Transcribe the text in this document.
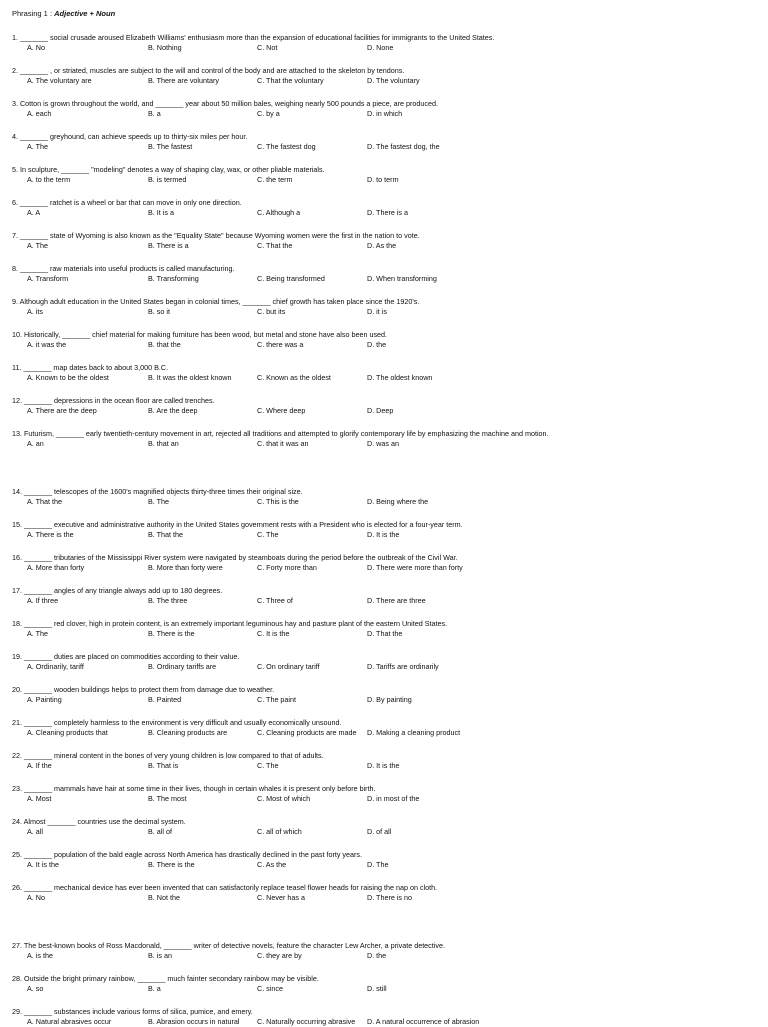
Phrasing 1 : Adjective + Noun
1. _______ social crusade aroused Elizabeth Williams' enthusiasm more than the expansion of educational facilities for immigrants to the United States.
A. No	B. Nothing	C. Not	D. None
2. _______ , or striated, muscles are subject to the will and control of the body and are attached to the skeleton by tendons.
A. The voluntary are	B. There are voluntary	C. That the voluntary	D. The voluntary
3. Cotton is grown throughout the world, and _______ year about 50 million bales, weighing nearly 500 pounds a piece, are produced.
A. each	B. a	C. by a	D. in which
4. _______ greyhound, can achieve speeds up to thirty-six miles per hour.
A. The	B. The fastest	C. The fastest dog	D. The fastest dog, the
5. In sculpture, _______ "modeling" denotes a way of shaping clay, wax, or other pliable materials.
A. to the term	B. is termed	C. the term	D. to term
6. _______ ratchet is a wheel or bar that can move in only one direction.
A. A	B. It is a	C. Although a	D. There is a
7. _______ state of Wyoming is also known as the "Equality State" because Wyoming women were the first in the nation to vote.
A. The	B. There is a	C. That the	D. As the
8. _______ raw materials into useful products is called manufacturing.
A. Transform	B. Transforming	C. Being transformed	D. When transforming
9. Although adult education in the United States began in colonial times, _______ chief growth has taken place since the 1920's.
A. its	B. so it	C. but its	D. it is
10. Historically, _______ chief material for making furniture has been wood, but metal and stone have also been used.
A. it was the	B. that the	C. there was a	D. the
11. _______ map dates back to about 3,000 B.C.
A. Known to be the oldest	B. It was the oldest known	C. Known as the oldest	D. The oldest known
12. _______ depressions in the ocean floor are called trenches.
A. There are the deep	B. Are the deep	C. Where deep	D. Deep
13. Futurism, _______ early twentieth-century movement in art, rejected all traditions and attempted to glorify contemporary life by emphasizing the machine and motion.
A. an	B. that an	C. that it was an	D. was an
14. _______ telescopes of the 1600's magnified objects thirty-three times their original size.
A. That the	B. The	C. This is the	D. Being where the
15. _______ executive and administrative authority in the United States government rests with a President who is elected for a four-year term.
A. There is the	B. That the	C. The	D. It is the
16. _______ tributaries of the Mississippi River system were navigated by steamboats during the period before the outbreak of the Civil War.
A. More than forty	B. More than forty were	C. Forty more than	D. There were more than forty
17. _______ angles of any triangle always add up to 180 degrees.
A. If three	B. The three	C. Three of	D. There are three
18. _______ red clover, high in protein content, is an extremely important leguminous hay and pasture plant of the eastern United States.
A. The	B. There is the	C. It is the	D. That the
19. _______ duties are placed on commodities according to their value.
A. Ordinarily, tariff	B. Ordinary tariffs are	C. On ordinary tariff	D. Tariffs are ordinarily
20. _______ wooden buildings helps to protect them from damage due to weather.
A. Painting	B. Painted	C. The paint	D. By painting
21. _______ completely harmless to the environment is very difficult and usually economically unsound.
A. Cleaning products that	B. Cleaning products are	C. Cleaning products are made D. Making a cleaning product
22. _______ mineral content in the bones of very young children is low compared to that of adults.
A. If the	B. That is	C. The	D. It is the
23. _______ mammals have hair at some time in their lives, though in certain whales it is present only before birth.
A. Most	B. The most	C. Most of which	D. in most of the
24. Almost _______ countries use the decimal system.
A. all	B. all of	C. all of which	D. of all
25. _______ population of the bald eagle across North America has drastically declined in the past forty years.
A. It is the	B. There is the	C. As the	D. The
26. _______ mechanical device has ever been invented that can satisfactorily replace teasel flower heads for raising the nap on cloth.
A. No	B. Not the	C. Never has a	D. There is no
27. The best-known books of Ross Macdonald, _______ writer of detective novels, feature the character Lew Archer, a private detective.
A. is the	B. is an	C. they are by	D. the
28. Outside the bright primary rainbow, _______ much fainter secondary rainbow may be visible.
A. so	B. a	C. since	D. still
29. _______ substances include various forms of silica, pumice, and emery.
A. Natural abrasives occur	B. Abrasion occurs in natural C. Naturally occurring abrasive D. A natural occurrence of abrasion
